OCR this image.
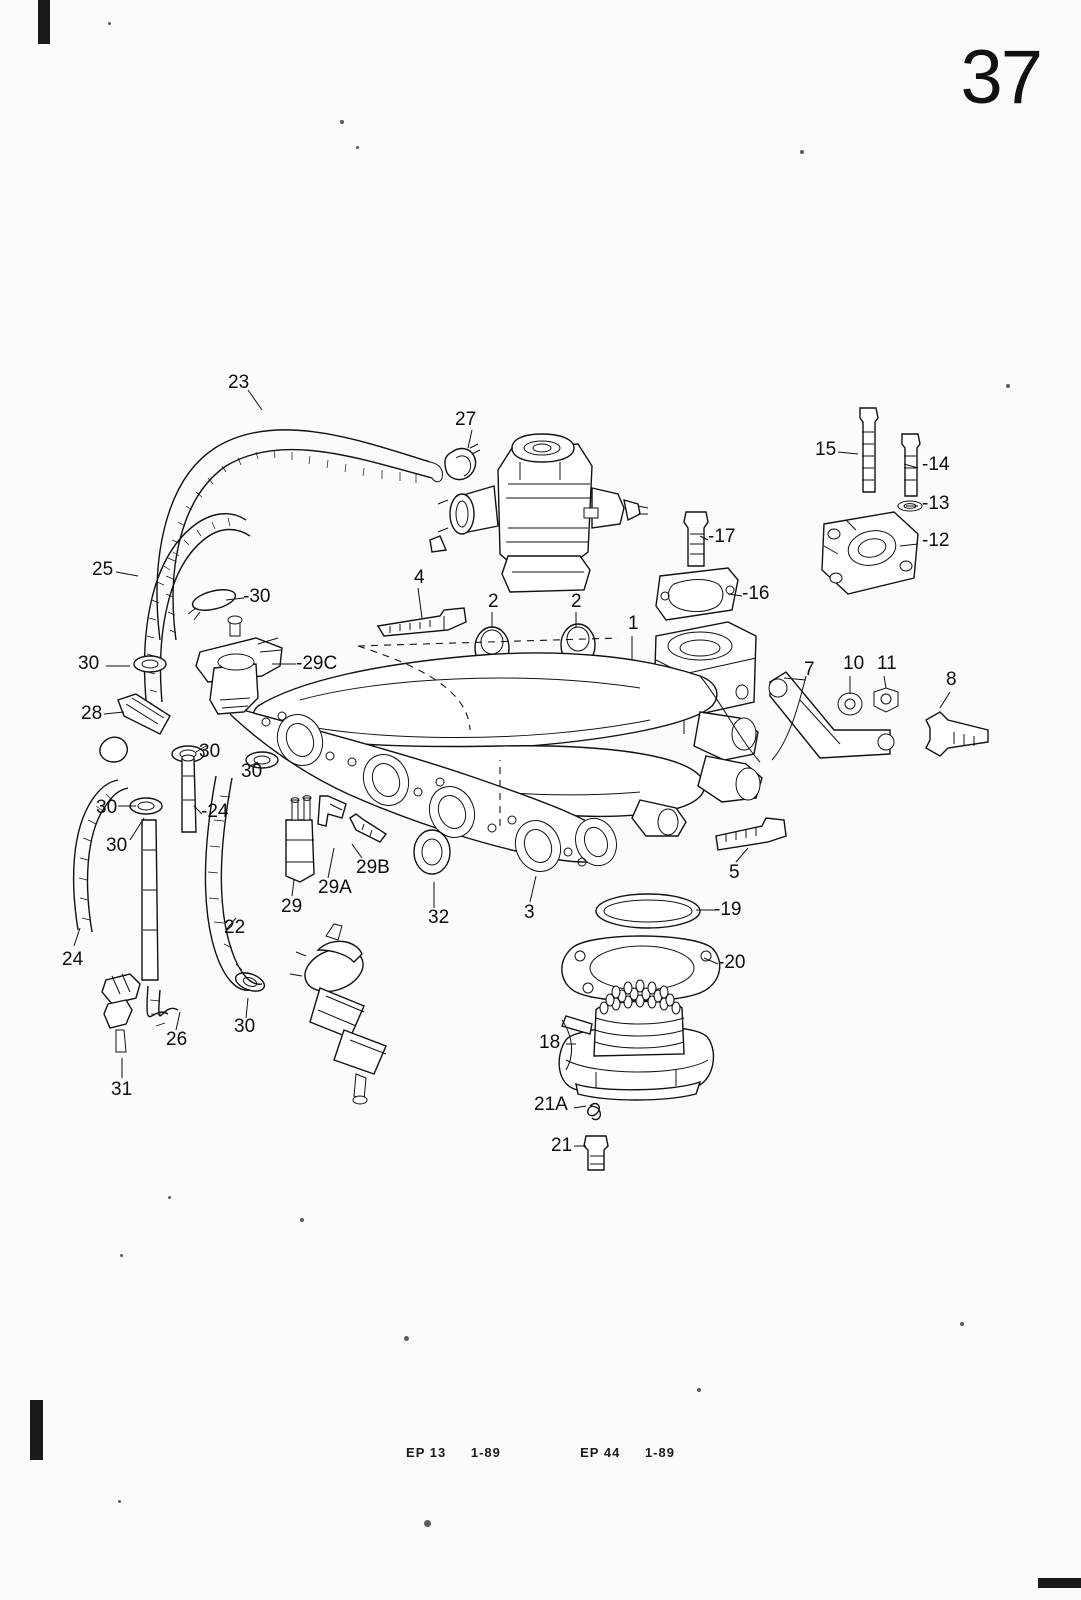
37
23
27
15
-14
-13
-12
-17
25
-30	-16
4
2	2
1
30	-29C	7 10 11
8
28
30
30
30
30
-24
29B
29A
29
32	3
5
-19
22
-20
24
18
30
26
31
21A
21
EP 13 1-89	EP 44 1-89
